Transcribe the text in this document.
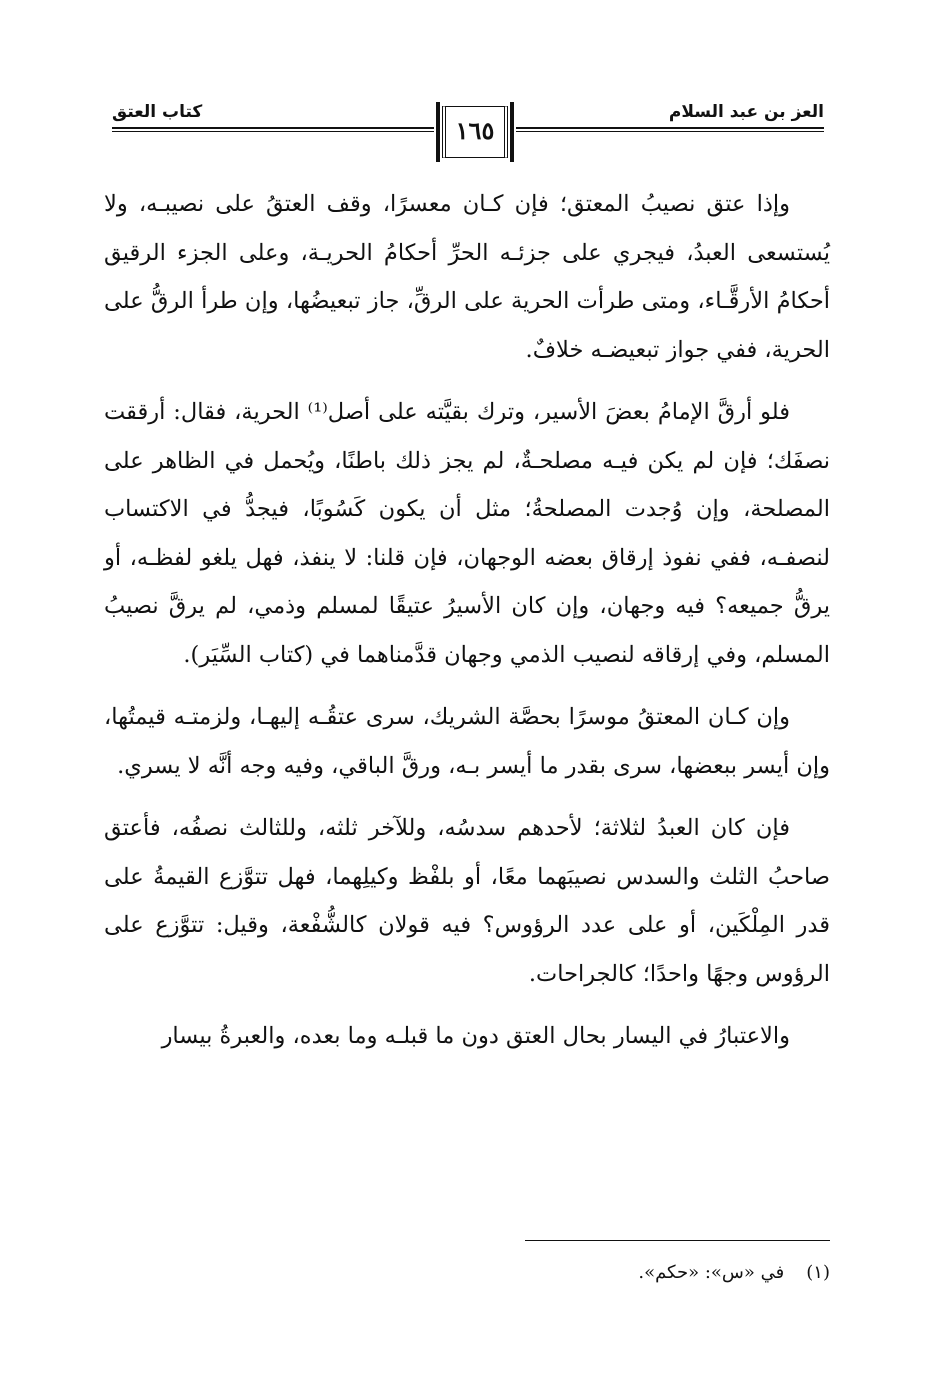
العز بن عبد السلام
كتاب العتق
١٦٥

وإذا عتق نصيبُ المعتق؛ فإن كـان معسرًا، وقف العتقُ على نصيبـه، ولا يُستسعى العبدُ، فيجري على جزئـه الحرِّ أحكامُ الحريـة، وعلى الجزء الرقيق أحكامُ الأرقَّـاء، ومتى طرأت الحرية على الرقِّ، جاز تبعيضُها، وإن طرأ الرقُّ على الحرية، ففي جواز تبعيضـه خلافٌ.

فلو أرقَّ الإمامُ بعضَ الأسير، وترك بقيَّته على أصل⁽¹⁾ الحرية، فقال: أرققت نصفَك؛ فإن لم يكن فيـه مصلحـةٌ، لم يجز ذلك باطنًا، ويُحمل في الظاهر على المصلحة، وإن وُجدت المصلحةُ؛ مثل أن يكون كَسُوبًا، فيجدُّ في الاكتساب لنصفـه، ففي نفوذ إرقاق بعضه الوجهان، فإن قلنا: لا ينفذ، فهل يلغو لفظـه، أو يرقُّ جميعه؟ فيه وجهان، وإن كان الأسيرُ عتيقًا لمسلم وذمي، لم يرقَّ نصيبُ المسلم، وفي إرقاقه لنصيب الذمي وجهان قدَّمناهما في (كتاب السِّيَر).

وإن كـان المعتقُ موسرًا بحصَّة الشريك، سرى عتقُـه إليهـا، ولزمتـه قيمتُها، وإن أيسر ببعضها، سرى بقدر ما أيسر بـه، ورقَّ الباقي، وفيه وجه أنَّه لا يسري.

فإن كان العبدُ لثلاثة؛ لأحدهم سدسُه، وللآخر ثلثه، وللثالث نصفُه، فأعتق صاحبُ الثلث والسدس نصيبَهما معًا، أو بلفْظ وكيلِهما، فهل تتوَّزع القيمةُ على قدر المِلْكَين، أو على عدد الرؤوس؟ فيه قولان كالشُّفْعة، وقيل: تتوَّزع على الرؤوس وجهًا واحدًا؛ كالجراحات.

والاعتبارُ في اليسار بحال العتق دون ما قبلـه وما بعده، والعبرةُ بيسار

(١)في «س»: «حكم».
